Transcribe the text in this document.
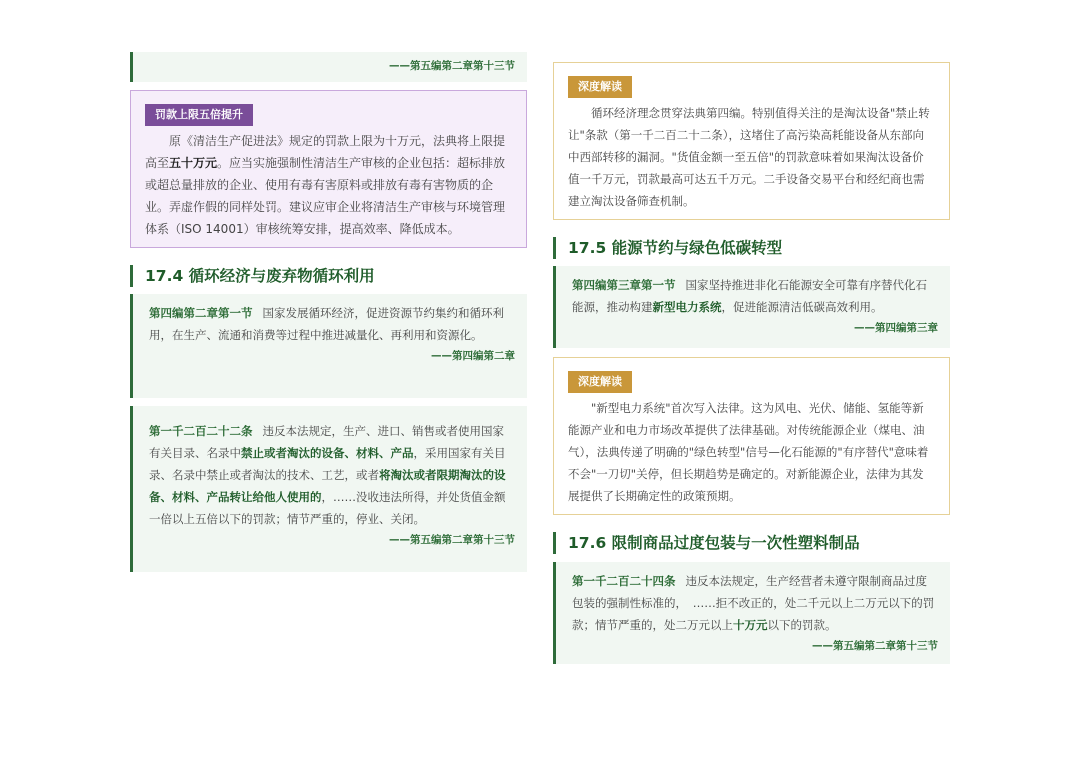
——第五编第二章第十三节
罚款上限五倍提升

原《清洁生产促进法》规定的罚款上限为十万元，法典将上限提高至五十万元。应当实施强制性清洁生产审核的企业包括：超标排放或超总量排放的企业、使用有毒有害原料或排放有毒有害物质的企业。弄虚作假的同样处罚。建议应审企业将清洁生产审核与环境管理体系（ISO 14001）审核统筹安排，提高效率、降低成本。

17.4 循环经济与废弃物循环利用
第四编第二章第一节 国家发展循环经济，促进资源节约集约和循环利用，在生产、流通和消费等过程中推进减量化、再利用和资源化。
——第四编第二章
第一千二百二十二条 违反本法规定，生产、进口、销售或者使用国家有关目录、名录中禁止或者淘汰的设备、材料、产品，采用国家有关目录、名录中禁止或者淘汰的技术、工艺，或者将淘汰或者限期淘汰的设备、材料、产品转让给他人使用的，……没收违法所得，并处货值金额一倍以上五倍以下的罚款；情节严重的，停业、关闭。
——第五编第二章第十三节
深度解读

循环经济理念贯穿法典第四编。特别值得关注的是淘汰设备"禁止转让"条款（第一千二百二十二条），这堵住了高污染高耗能设备从东部向中西部转移的漏洞。"货值金额一至五倍"的罚款意味着如果淘汰设备价值一千万元，罚款最高可达五千万元。二手设备交易平台和经纪商也需建立淘汰设备筛查机制。

17.5 能源节约与绿色低碳转型
第四编第三章第一节 国家坚持推进非化石能源安全可靠有序替代化石能源，推动构建新型电力系统，促进能源清洁低碳高效利用。
——第四编第三章
深度解读

"新型电力系统"首次写入法律。这为风电、光伏、储能、氢能等新能源产业和电力市场改革提供了法律基础。对传统能源企业（煤电、油气），法典传递了明确的"绿色转型"信号—化石能源的"有序替代"意味着不会"一刀切"关停，但长期趋势是确定的。对新能源企业，法律为其发展提供了长期确定性的政策预期。

17.6 限制商品过度包装与一次性塑料制品
第一千二百二十四条 违反本法规定，生产经营者未遵守限制商品过度包装的强制性标准的，　……拒不改正的，处二千元以上二万元以下的罚款；情节严重的，处二万元以上十万元以下的罚款。
——第五编第二章第十三节
